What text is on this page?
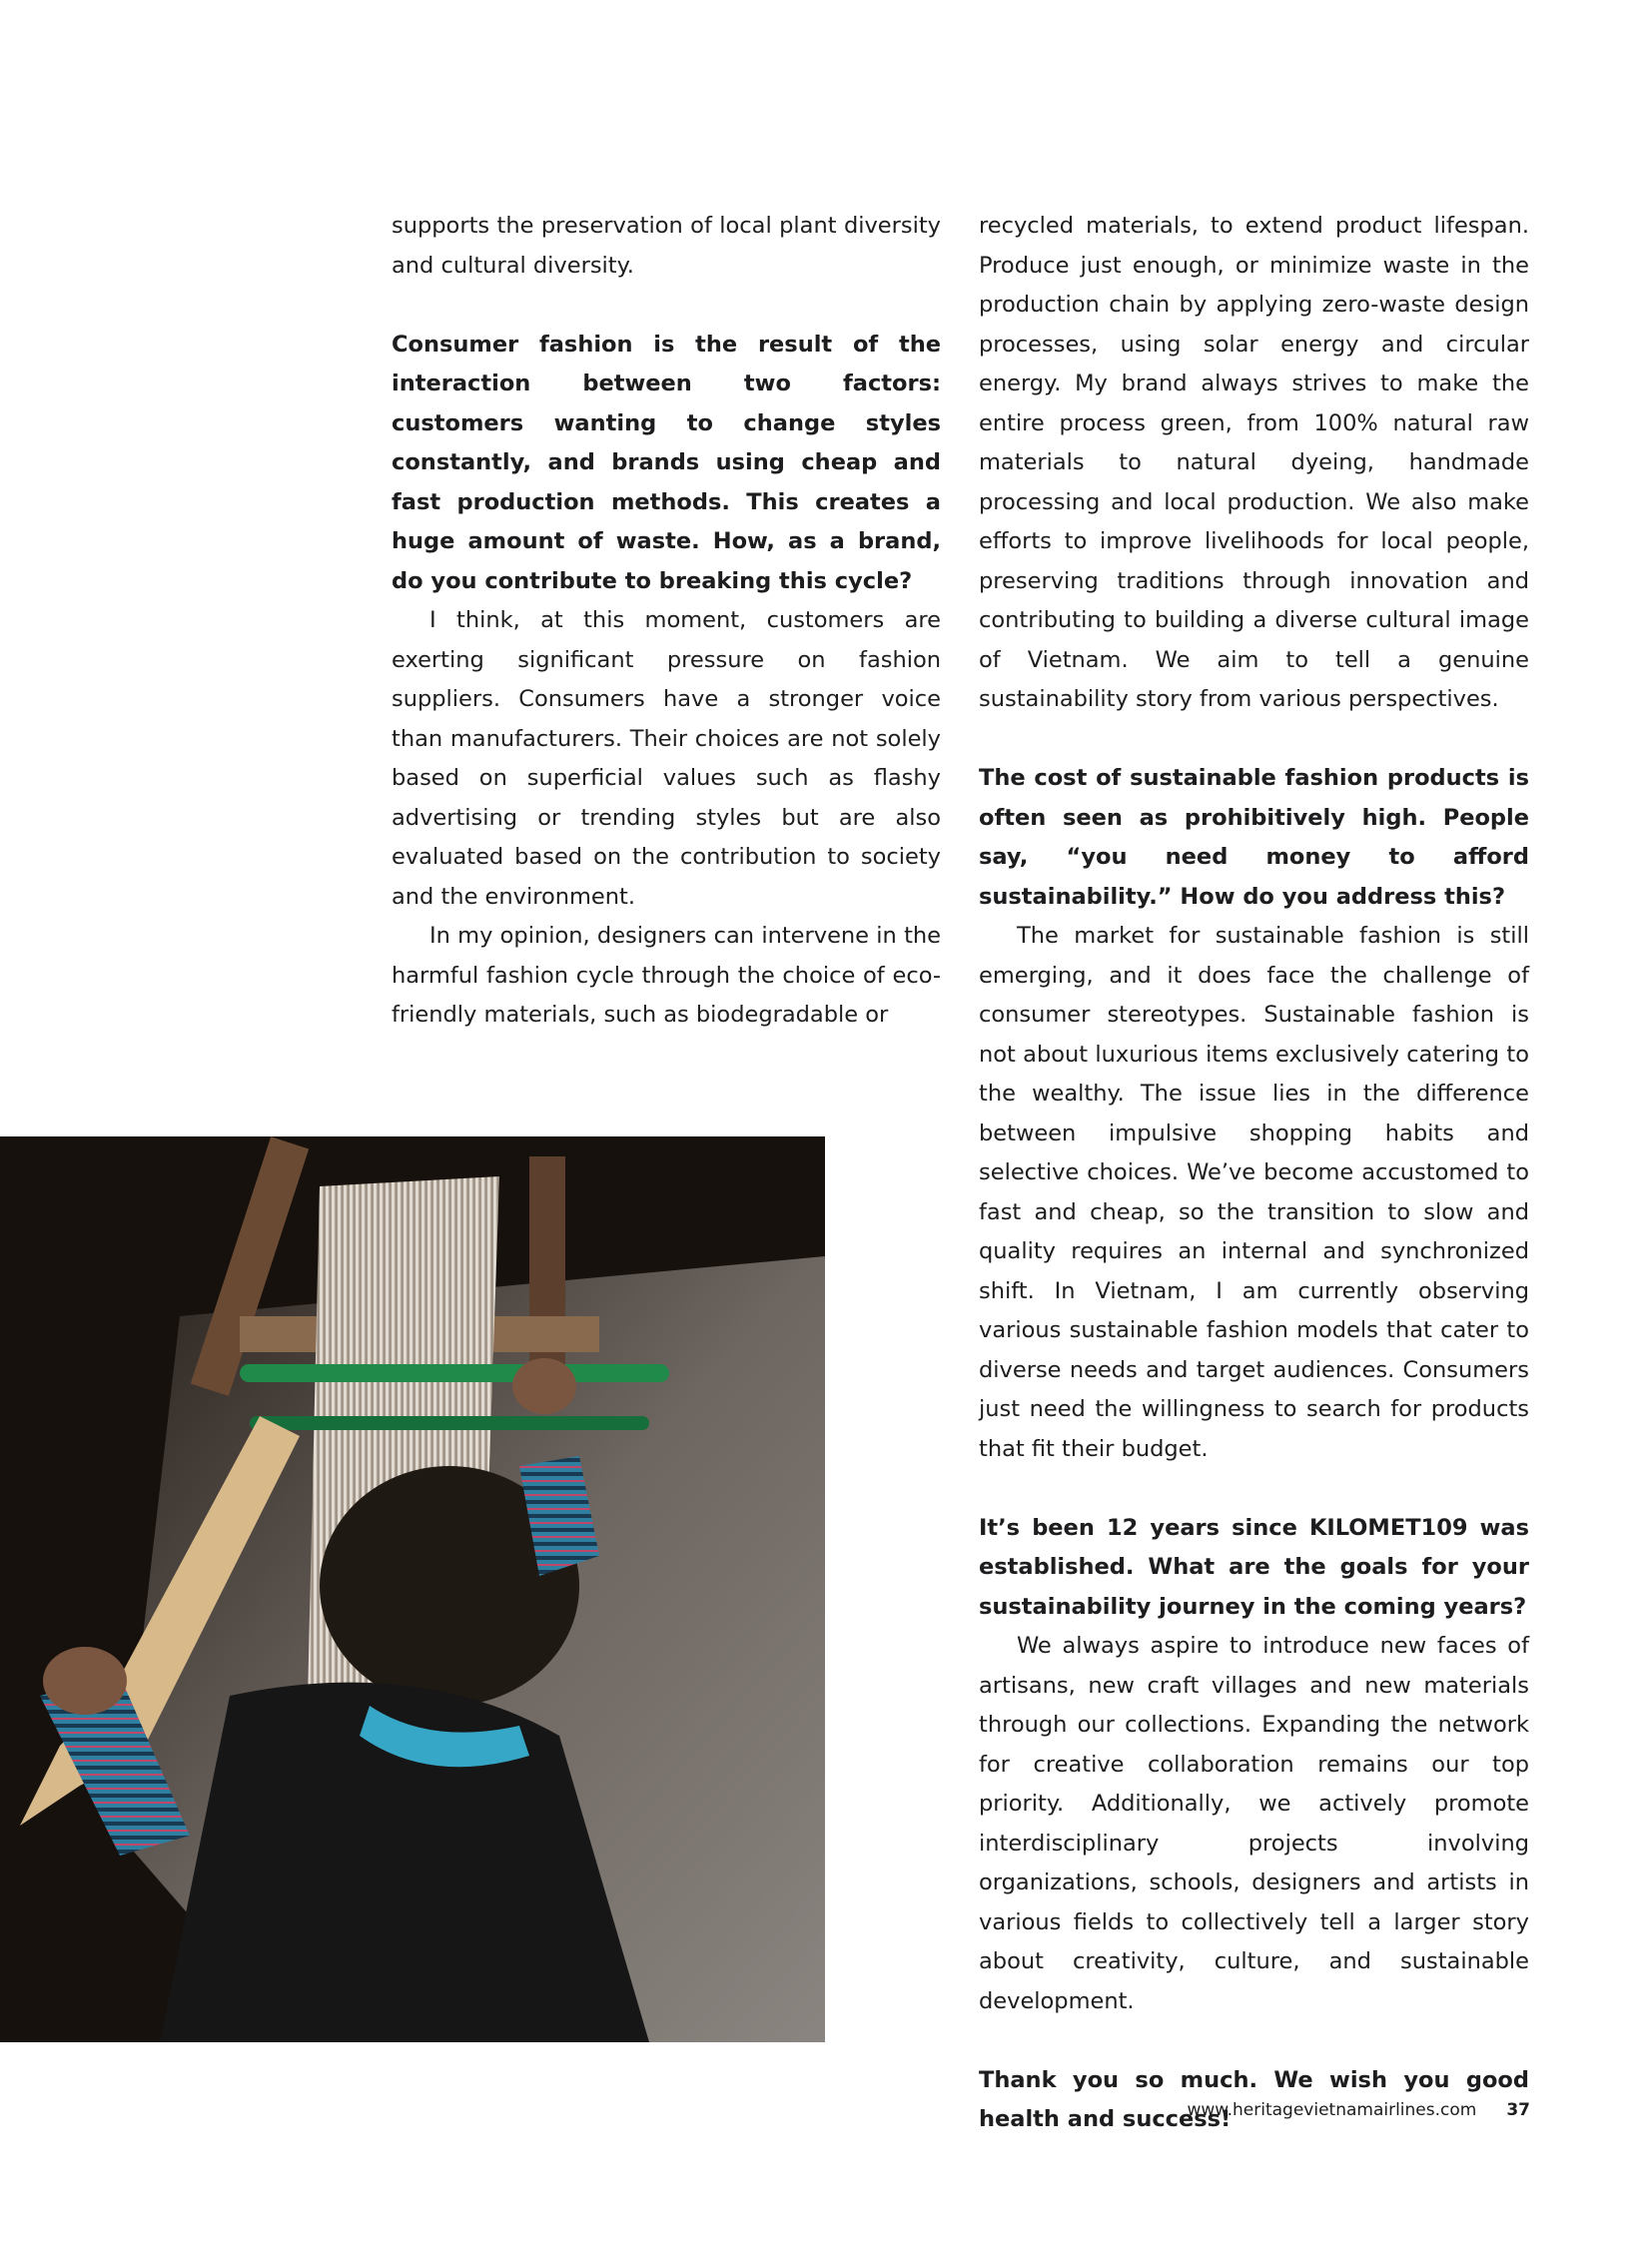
supports the preservation of local plant diversity and cultural diversity.

Consumer fashion is the result of the interaction between two factors: customers wanting to change styles constantly, and brands using cheap and fast production methods. This creates a huge amount of waste. How, as a brand, do you contribute to breaking this cycle?

I think, at this moment, customers are exerting significant pressure on fashion suppliers. Consumers have a stronger voice than manufacturers. Their choices are not solely based on superficial values such as flashy advertising or trending styles but are also evaluated based on the contribution to society and the environment.

In my opinion, designers can intervene in the harmful fashion cycle through the choice of eco-friendly materials, such as biodegradable or

recycled materials, to extend product lifespan. Produce just enough, or minimize waste in the production chain by applying zero-waste design processes, using solar energy and circular energy. My brand always strives to make the entire process green, from 100% natural raw materials to natural dyeing, handmade processing and local production. We also make efforts to improve livelihoods for local people, preserving traditions through innovation and contributing to building a diverse cultural image of Vietnam. We aim to tell a genuine sustainability story from various perspectives.

The cost of sustainable fashion products is often seen as prohibitively high. People say, “you need money to afford sustainability.” How do you address this?

The market for sustainable fashion is still emerging, and it does face the challenge of consumer stereotypes. Sustainable fashion is not about luxurious items exclusively catering to the wealthy. The issue lies in the difference between impulsive shopping habits and selective choices. We’ve become accustomed to fast and cheap, so the transition to slow and quality requires an internal and synchronized shift. In Vietnam, I am currently observing various sustainable fashion models that cater to diverse needs and target audiences. Consumers just need the willingness to search for products that fit their budget.

It’s been 12 years since KILOMET109 was established. What are the goals for your sustainability journey in the coming years?

We always aspire to introduce new faces of artisans, new craft villages and new materials through our collections. Expanding the network for creative collaboration remains our top priority. Additionally, we actively promote interdisciplinary projects involving organizations, schools, designers and artists in various fields to collectively tell a larger story about creativity, culture, and sustainable development.

Thank you so much. We wish you good health and success!

www.heritagevietnamairlines.com 37
